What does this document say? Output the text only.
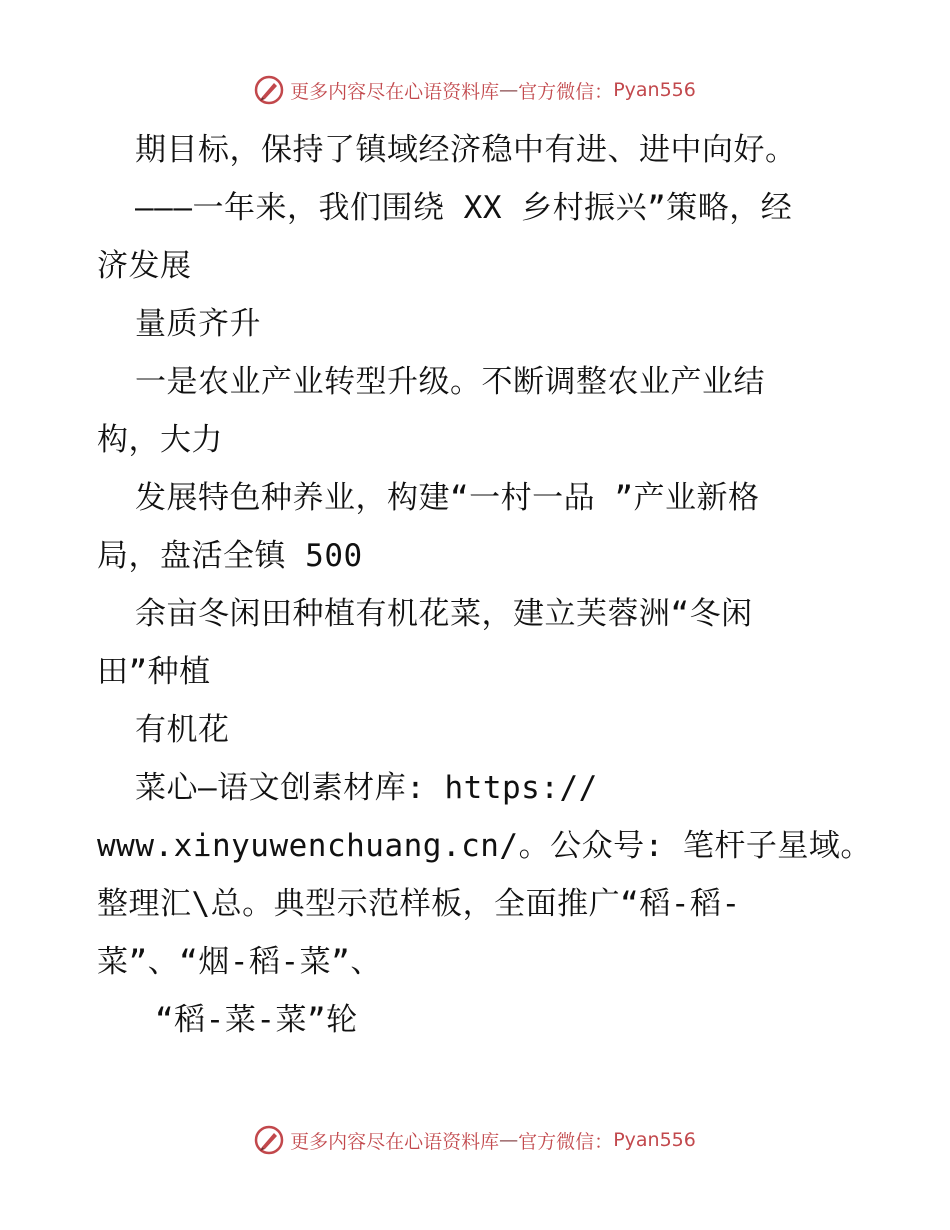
更多内容尽在心语资料库 — 官方微信： Pyan556
期目标，保持了镇域经济稳中有进、进中向好。
———一年来，我们围绕 XX 乡村振兴”策略，经
济发展
量质齐升
一是农业产业转型升级。不断调整农业产业结
构，大力
发展特色种养业，构建“一村一品 ”产业新格
局，盘活全镇 500
余亩冬闲田种植有机花菜，建立芙蓉洲“冬闲
田”种植
有机花
菜心—语文创素材库: https://
www.xinyuwenchuang.cn/。公众号: 笔杆子星域。
整理汇\总。典型示范样板，全面推广“稻-稻-
菜”、“烟-稻-菜”、
“稻-菜-菜”轮
更多内容尽在心语资料库 — 官方微信： Pyan556
